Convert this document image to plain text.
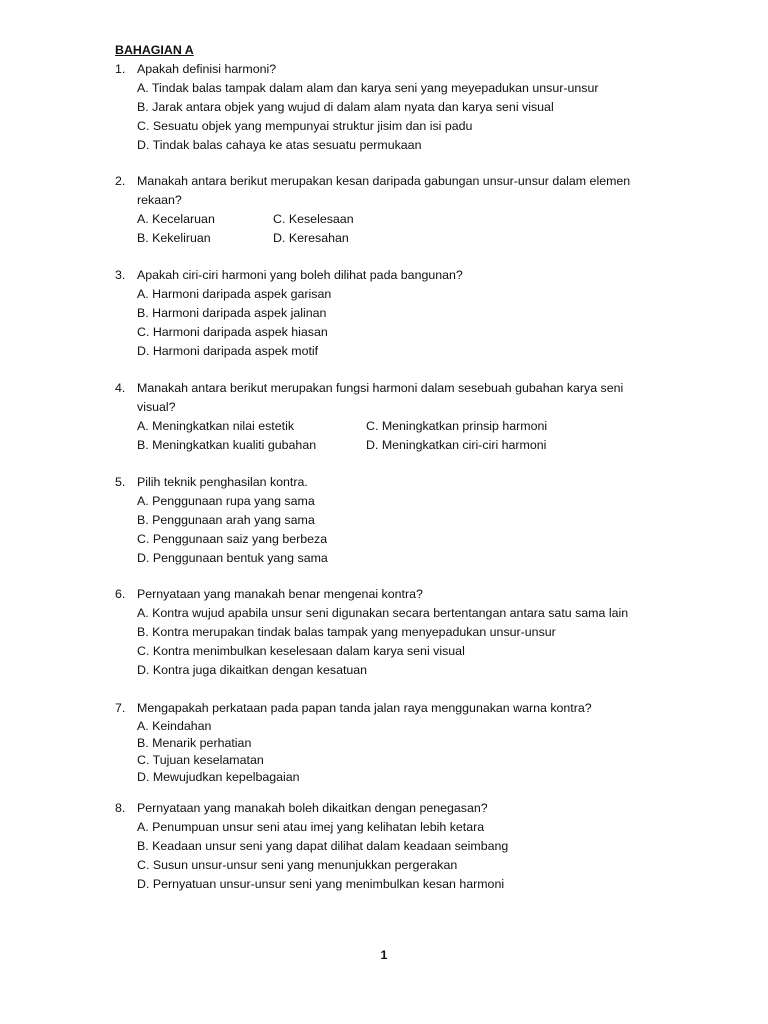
BAHAGIAN A
1. Apakah definisi harmoni?
A. Tindak balas tampak dalam alam dan karya seni yang meyepadukan unsur-unsur
B. Jarak antara objek yang wujud di dalam alam nyata dan karya seni visual
C. Sesuatu objek yang mempunyai struktur jisim dan isi padu
D. Tindak balas cahaya ke atas sesuatu permukaan
2. Manakah antara berikut merupakan kesan daripada gabungan unsur-unsur dalam elemen
rekaan?
A. Kecelaruan	C. Keselesaan
B. Kekeliruan	D. Keresahan
3. Apakah ciri-ciri harmoni yang boleh dilihat pada bangunan?
A. Harmoni daripada aspek garisan
B. Harmoni daripada aspek jalinan
C. Harmoni daripada aspek hiasan
D. Harmoni daripada aspek motif
4. Manakah antara berikut merupakan fungsi harmoni dalam sesebuah gubahan karya seni
visual?
A. Meningkatkan nilai estetik	C. Meningkatkan prinsip harmoni
B. Meningkatkan kualiti gubahan	D. Meningkatkan ciri-ciri harmoni
5. Pilih teknik penghasilan kontra.
A. Penggunaan rupa yang sama
B. Penggunaan arah yang sama
C. Penggunaan saiz yang berbeza
D. Penggunaan bentuk yang sama
6. Pernyataan yang manakah benar mengenai kontra?
A. Kontra wujud apabila unsur seni digunakan secara bertentangan antara satu sama lain
B. Kontra merupakan tindak balas tampak yang menyepadukan unsur-unsur
C. Kontra menimbulkan keselesaan dalam karya seni visual
D. Kontra juga dikaitkan dengan kesatuan
7. Mengapakah perkataan pada papan tanda jalan raya menggunakan warna kontra?
A. Keindahan
B. Menarik perhatian
C. Tujuan keselamatan
D. Mewujudkan kepelbagaian
8. Pernyataan yang manakah boleh dikaitkan dengan penegasan?
A. Penumpuan unsur seni atau imej yang kelihatan lebih ketara
B. Keadaan unsur seni yang dapat dilihat dalam keadaan seimbang
C. Susun unsur-unsur seni yang menunjukkan pergerakan
D. Pernyatuan unsur-unsur seni yang menimbulkan kesan harmoni
1
